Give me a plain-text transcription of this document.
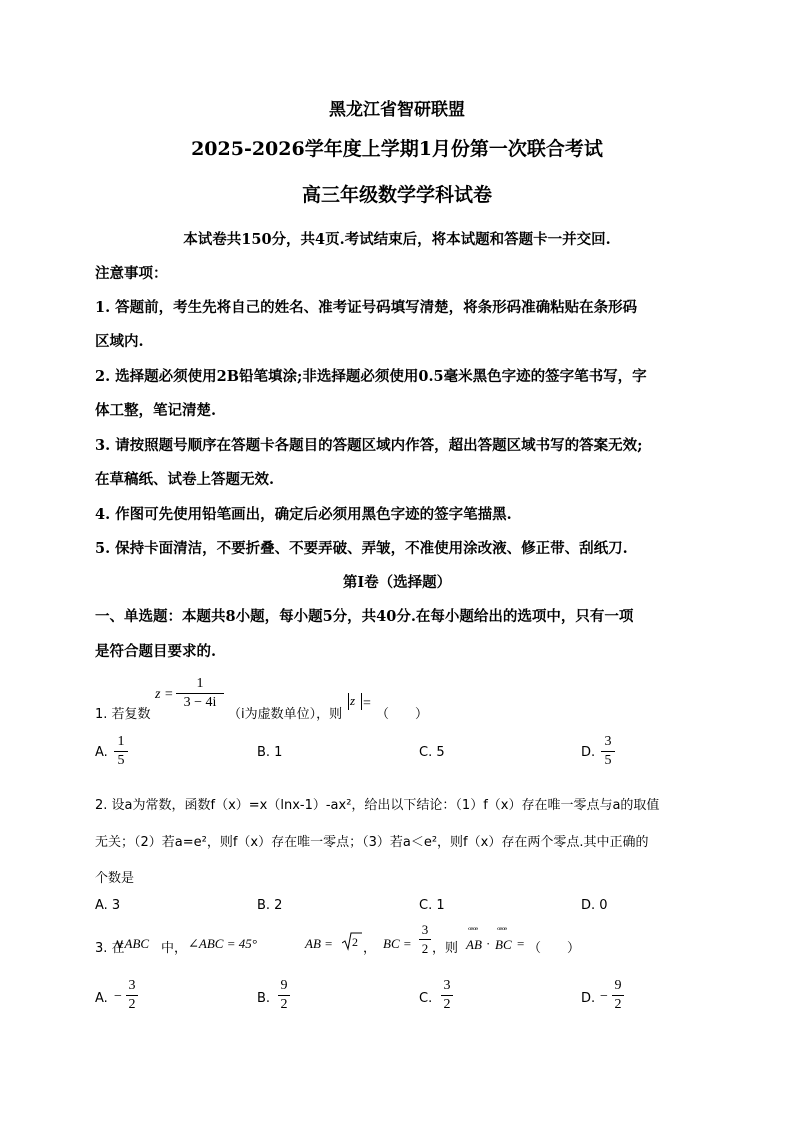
黑龙江省智研联盟
2025-2026学年度上学期1月份第一次联合考试
高三年级数学学科试卷
本试卷共150分，共4页.考试结束后，将本试题和答题卡一并交回.
注意事项：
1. 答题前，考生先将自己的姓名、准考证号码填写清楚，将条形码准确粘贴在条形码
区域内.
2. 选择题必须使用2B铅笔填涂;非选择题必须使用0.5毫米黑色字迹的签字笔书写，字
体工整，笔记清楚.
3. 请按照题号顺序在答题卡各题目的答题区域内作答，超出答题区域书写的答案无效;
在草稿纸、试卷上答题无效.
4. 作图可先使用铅笔画出，确定后必须用黑色字迹的签字笔描黑.
5. 保持卡面清洁，不要折叠、不要弄破、弄皱，不准使用涂改液、修正带、刮纸刀.
第I卷（选择题）
一、单选题：本题共8小题，每小题5分，共40分.在每小题给出的选项中，只有一项
是符合题目要求的.
1. 若复数
z =
1
3 − 4i
（i为虚数单位），则
z =
（　　）
A.
1
5
B. 1	C. 5	D.
3
5
2. 设a为常数，函数f（x）=x（lnx-1）-ax²，给出以下结论：（1）f（x）存在唯一零点与a的取值
无关；（2）若a=e²，则f（x）存在唯一零点；（3）若a＜e²，则f（x）存在两个零点.其中正确的
个数是
A. 3	B. 2	C. 1	D. 0
3. 在
∨ABC 中， ∠ABC = 45°	AB = 2 ， BC =
3
2 ，则
ꟹꟹ
AB ·
ꟹꟹ
BC = （　　）
A. −
3
2	B.
9
2	C.
3
2	D. −
9
2
